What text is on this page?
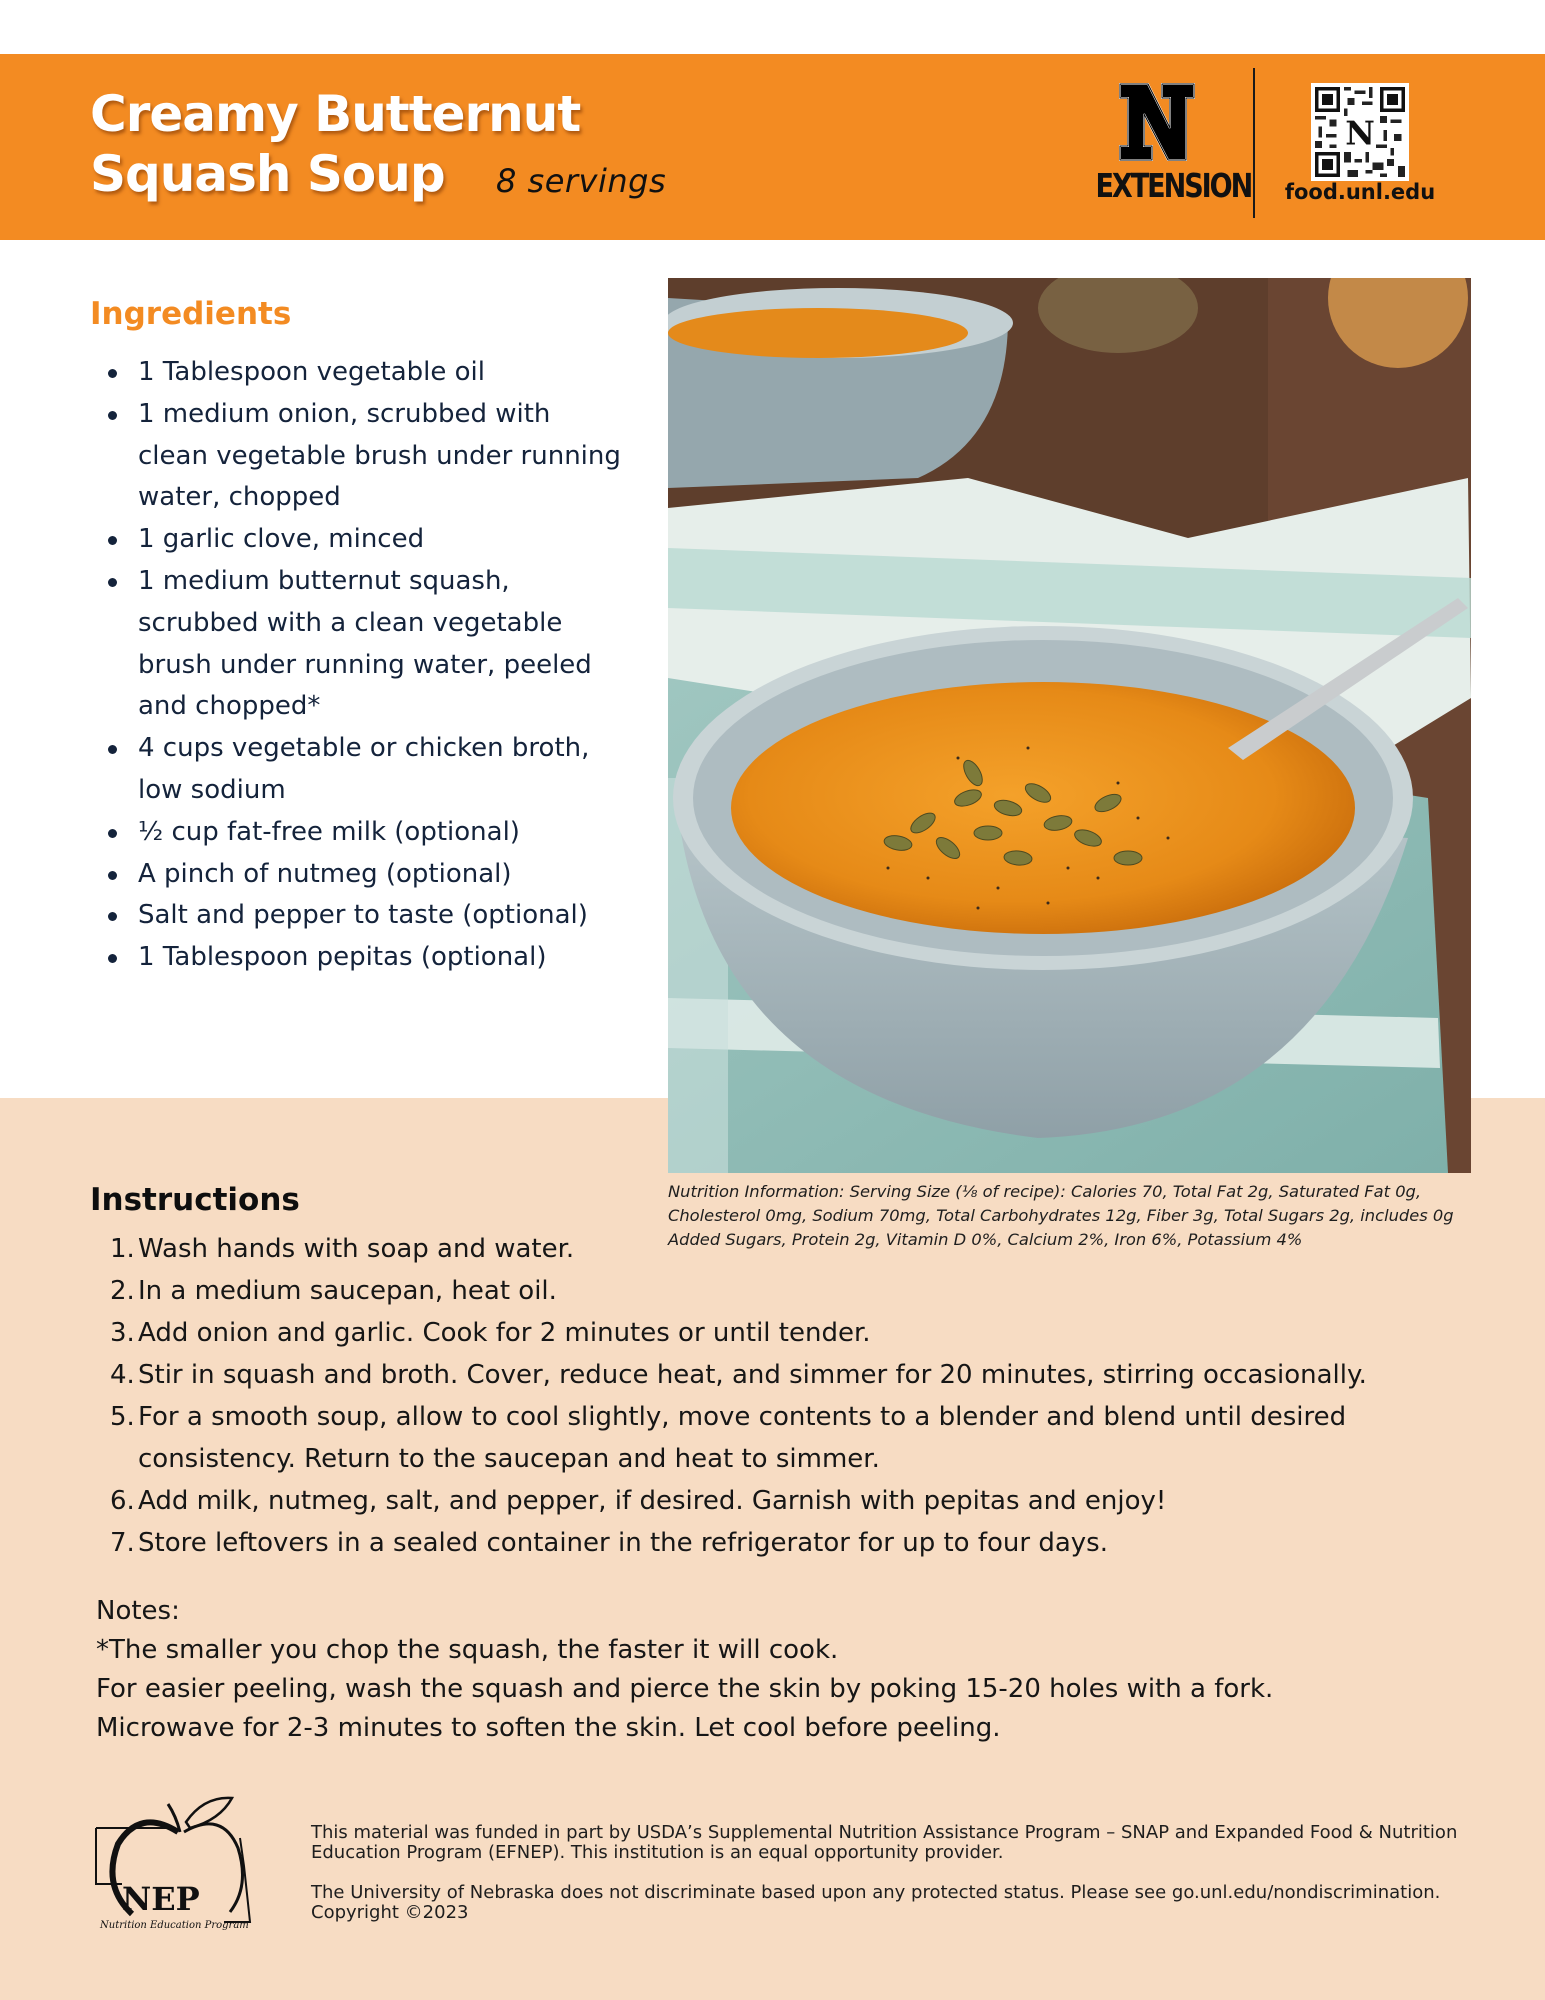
Creamy Butternut
Squash Soup	8 servings	EXTENSION
N
food.unl.edu
Ingredients
1 Tablespoon vegetable oil
1 medium onion, scrubbed with clean vegetable brush under running water, chopped
1 garlic clove, minced
1 medium butternut squash, scrubbed with a clean vegetable brush under running water, peeled and chopped*
4 cups vegetable or chicken broth, low sodium
½ cup fat-free milk (optional)
A pinch of nutmeg (optional)
Salt and pepper to taste (optional)
1 Tablespoon pepitas (optional)
Nutrition Information: Serving Size (⅛ of recipe): Calories 70, Total Fat 2g, Saturated Fat 0g, Cholesterol 0mg, Sodium 70mg, Total Carbohydrates 12g, Fiber 3g, Total Sugars 2g, includes 0g Added Sugars, Protein 2g, Vitamin D 0%, Calcium 2%, Iron 6%, Potassium 4%
Instructions
1. Wash hands with soap and water.
2. In a medium saucepan, heat oil.
3. Add onion and garlic. Cook for 2 minutes or until tender.
4. Stir in squash and broth. Cover, reduce heat, and simmer for 20 minutes, stirring occasionally.
5. For a smooth soup, allow to cool slightly, move contents to a blender and blend until desired consistency. Return to the saucepan and heat to simmer.
6. Add milk, nutmeg, salt, and pepper, if desired. Garnish with pepitas and enjoy!
7. Store leftovers in a sealed container in the refrigerator for up to four days.
Notes:
*The smaller you chop the squash, the faster it will cook.
For easier peeling, wash the squash and pierce the skin by poking 15-20 holes with a fork.
Microwave for 2-3 minutes to soften the skin. Let cool before peeling.
NEP
Nutrition Education Program

This material was funded in part by USDA’s Supplemental Nutrition Assistance Program – SNAP and Expanded Food & Nutrition Education Program (EFNEP). This institution is an equal opportunity provider.

The University of Nebraska does not discriminate based upon any protected status. Please see go.unl.edu/nondiscrimination. Copyright ©2023
